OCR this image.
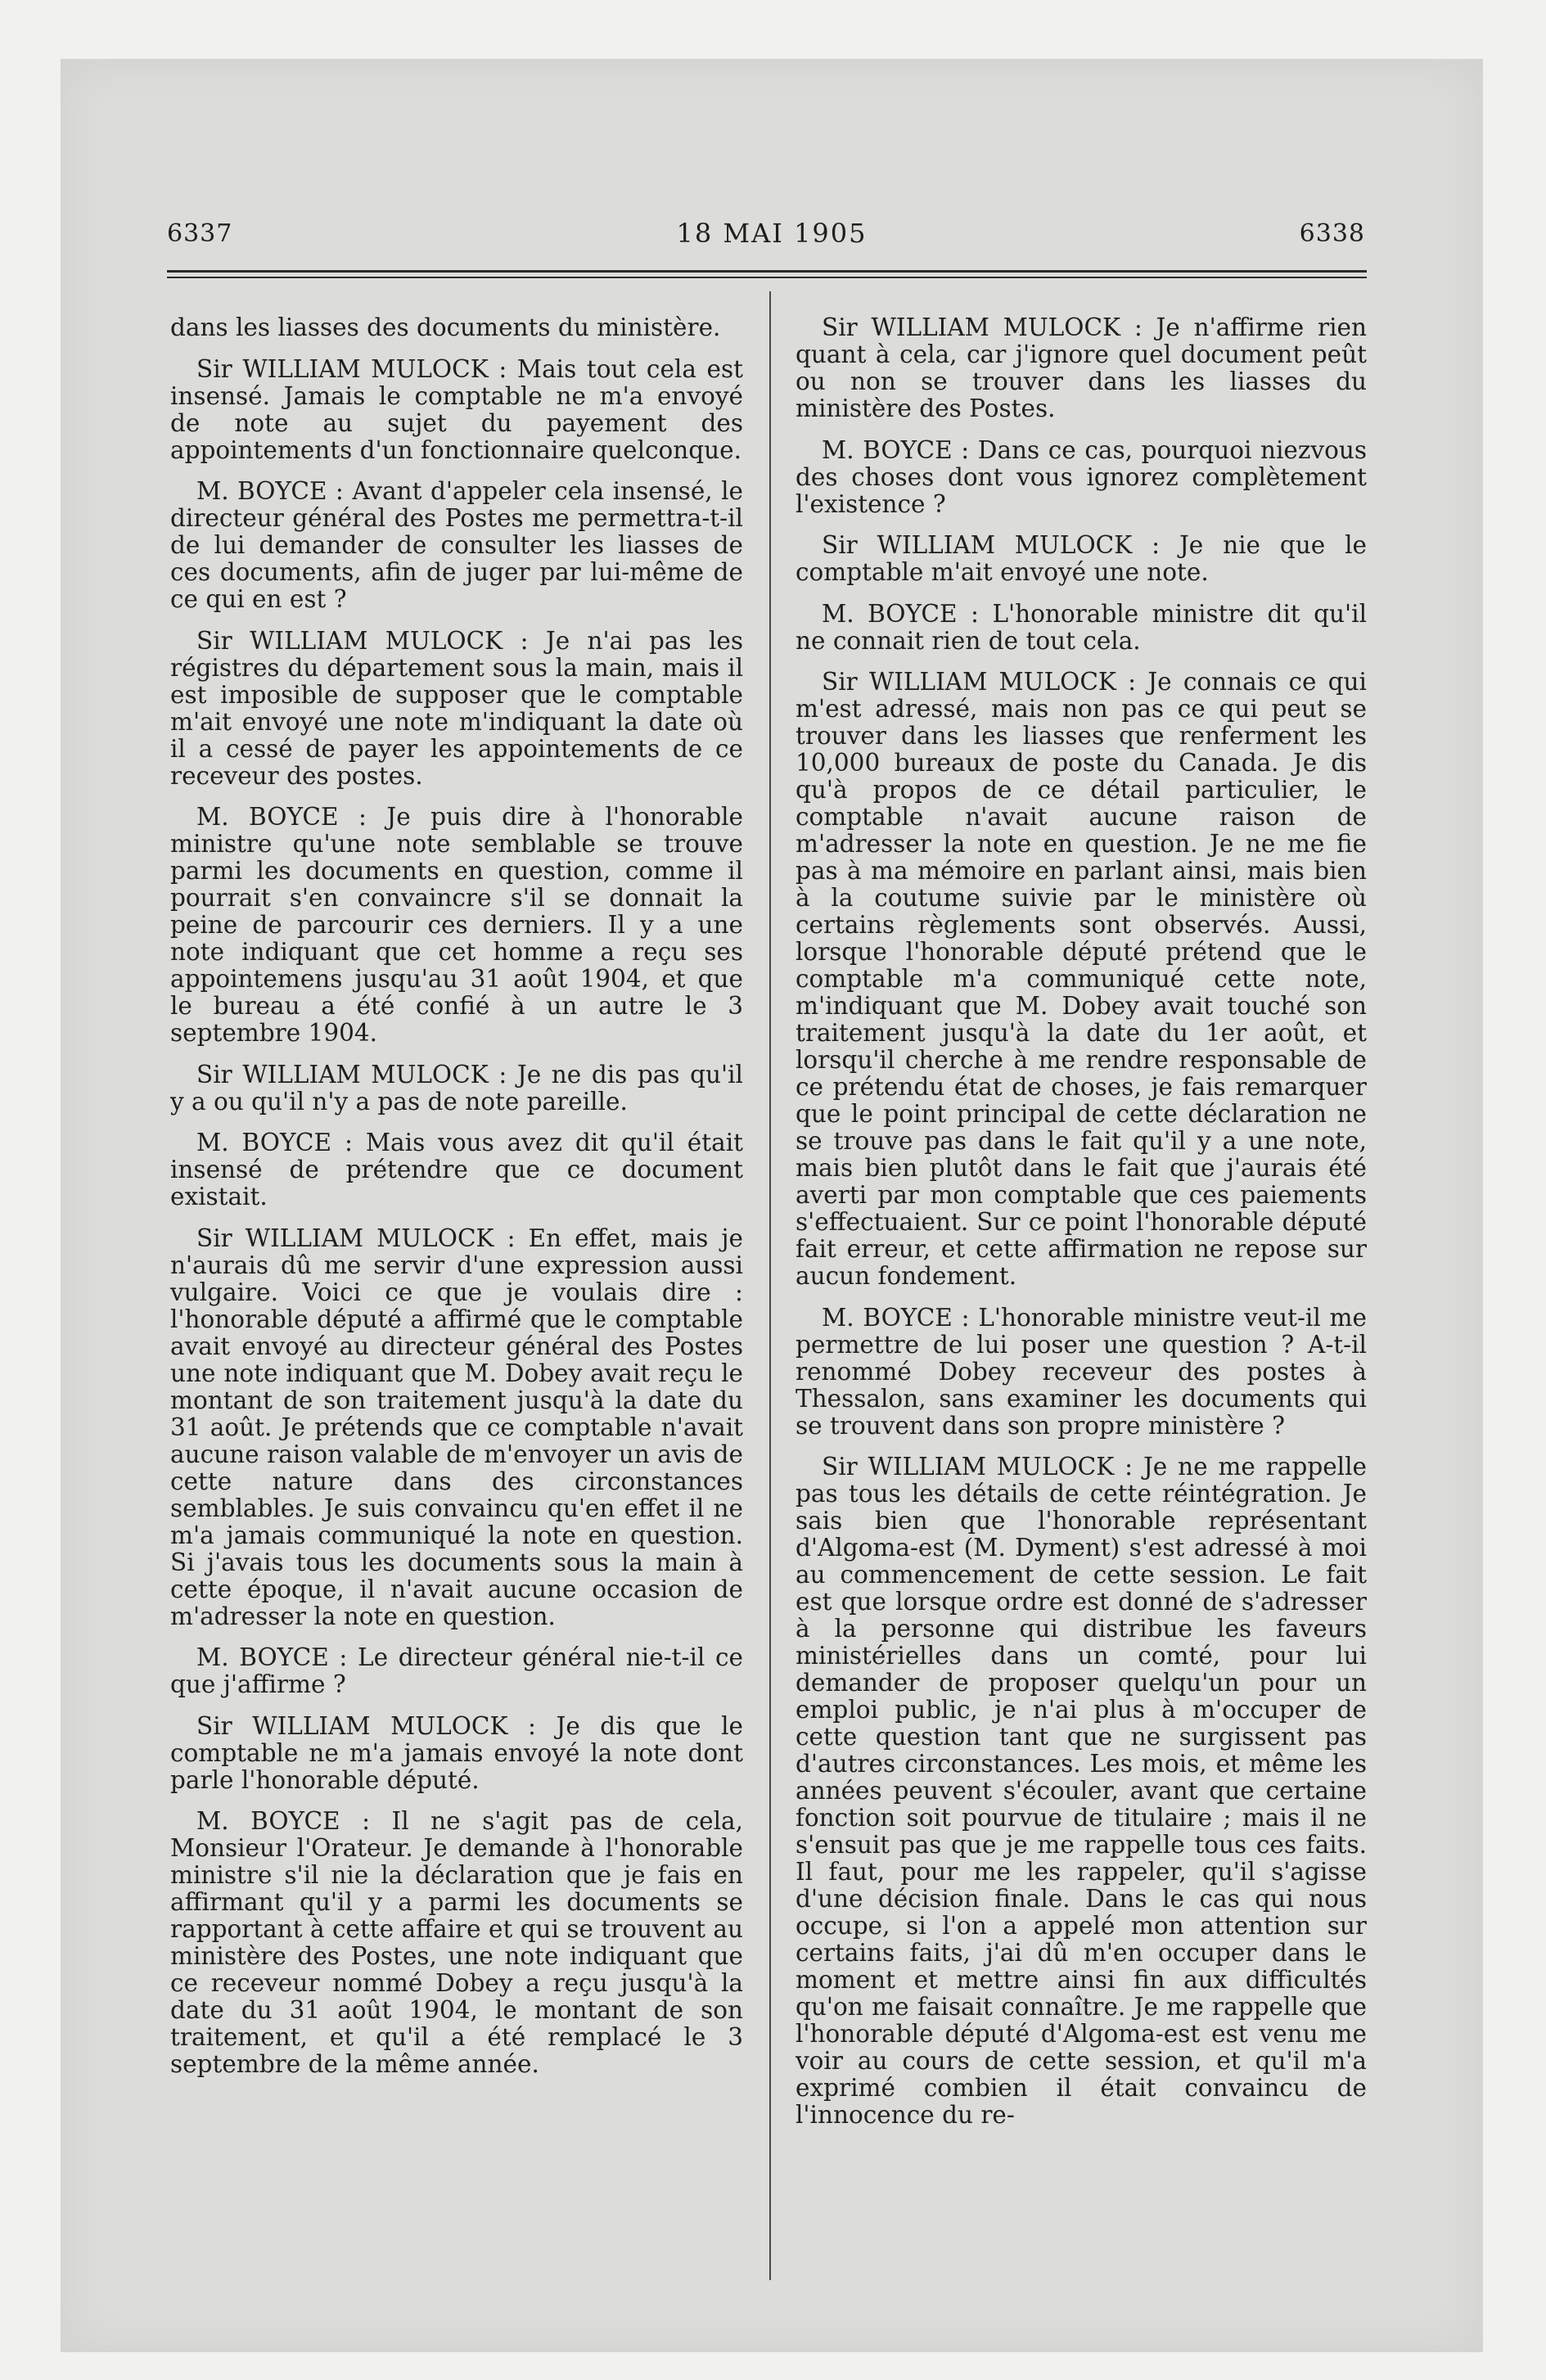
6337	18 MAI 1905	6338

dans les liasses des documents du ministère.

Sir WILLIAM MULOCK : Mais tout cela est insensé. Jamais le comptable ne m'a envoyé de note au sujet du payement des appointements d'un fonctionnaire quelconque.

M. BOYCE : Avant d'appeler cela insensé, le directeur général des Postes me permettra-t-il de lui demander de consulter les liasses de ces documents, afin de juger par lui-même de ce qui en est ?

Sir WILLIAM MULOCK : Je n'ai pas les régistres du département sous la main, mais il est imposible de supposer que le comptable m'ait envoyé une note m'indiquant la date où il a cessé de payer les appointements de ce receveur des postes.

M. BOYCE : Je puis dire à l'honorable ministre qu'une note semblable se trouve parmi les documents en question, comme il pourrait s'en convaincre s'il se donnait la peine de parcourir ces derniers. Il y a une note indiquant que cet homme a reçu ses appointemens jusqu'au 31 août 1904, et que le bureau a été confié à un autre le 3 septembre 1904.

Sir WILLIAM MULOCK : Je ne dis pas qu'il y a ou qu'il n'y a pas de note pareille.

M. BOYCE : Mais vous avez dit qu'il était insensé de prétendre que ce document existait.

Sir WILLIAM MULOCK : En effet, mais je n'aurais dû me servir d'une expression aussi vulgaire. Voici ce que je voulais dire : l'honorable député a affirmé que le comptable avait envoyé au directeur général des Postes une note indiquant que M. Dobey avait reçu le montant de son traitement jusqu'à la date du 31 août. Je prétends que ce comptable n'avait aucune raison valable de m'envoyer un avis de cette nature dans des circonstances semblables. Je suis convaincu qu'en effet il ne m'a jamais communiqué la note en question. Si j'avais tous les documents sous la main à cette époque, il n'avait aucune occasion de m'adresser la note en question.

M. BOYCE : Le directeur général nie-t-il ce que j'affirme ?

Sir WILLIAM MULOCK : Je dis que le comptable ne m'a jamais envoyé la note dont parle l'honorable député.

M. BOYCE : Il ne s'agit pas de cela, Monsieur l'Orateur. Je demande à l'honorable ministre s'il nie la déclaration que je fais en affirmant qu'il y a parmi les documents se rapportant à cette affaire et qui se trouvent au ministère des Postes, une note indiquant que ce receveur nommé Dobey a reçu jusqu'à la date du 31 août 1904, le montant de son traitement, et qu'il a été remplacé le 3 septembre de la même année.

Sir WILLIAM MULOCK : Je n'affirme rien quant à cela, car j'ignore quel document peût ou non se trouver dans les liasses du ministère des Postes.

M. BOYCE : Dans ce cas, pourquoi niezvous des choses dont vous ignorez complètement l'existence ?

Sir WILLIAM MULOCK : Je nie que le comptable m'ait envoyé une note.

M. BOYCE : L'honorable ministre dit qu'il ne connait rien de tout cela.

Sir WILLIAM MULOCK : Je connais ce qui m'est adressé, mais non pas ce qui peut se trouver dans les liasses que renferment les 10,000 bureaux de poste du Canada. Je dis qu'à propos de ce détail particulier, le comptable n'avait aucune raison de m'adresser la note en question. Je ne me fie pas à ma mémoire en parlant ainsi, mais bien à la coutume suivie par le ministère où certains règlements sont observés. Aussi, lorsque l'honorable député prétend que le comptable m'a communiqué cette note, m'indiquant que M. Dobey avait touché son traitement jusqu'à la date du 1er août, et lorsqu'il cherche à me rendre responsable de ce prétendu état de choses, je fais remarquer que le point principal de cette déclaration ne se trouve pas dans le fait qu'il y a une note, mais bien plutôt dans le fait que j'aurais été averti par mon comptable que ces paiements s'effectuaient. Sur ce point l'honorable député fait erreur, et cette affirmation ne repose sur aucun fondement.

M. BOYCE : L'honorable ministre veut-il me permettre de lui poser une question ? A-t-il renommé Dobey receveur des postes à Thessalon, sans examiner les documents qui se trouvent dans son propre ministère ?

Sir WILLIAM MULOCK : Je ne me rappelle pas tous les détails de cette réintégration. Je sais bien que l'honorable représentant d'Algoma-est (M. Dyment) s'est adressé à moi au commencement de cette session. Le fait est que lorsque ordre est donné de s'adresser à la personne qui distribue les faveurs ministérielles dans un comté, pour lui demander de proposer quelqu'un pour un emploi public, je n'ai plus à m'occuper de cette question tant que ne surgissent pas d'autres circonstances. Les mois, et même les années peuvent s'écouler, avant que certaine fonction soit pourvue de titulaire ; mais il ne s'ensuit pas que je me rappelle tous ces faits. Il faut, pour me les rappeler, qu'il s'agisse d'une décision finale. Dans le cas qui nous occupe, si l'on a appelé mon attention sur certains faits, j'ai dû m'en occuper dans le moment et mettre ainsi fin aux difficultés qu'on me faisait connaître. Je me rappelle que l'honorable député d'Algoma-est est venu me voir au cours de cette session, et qu'il m'a exprimé combien il était convaincu de l'innocence du re-
